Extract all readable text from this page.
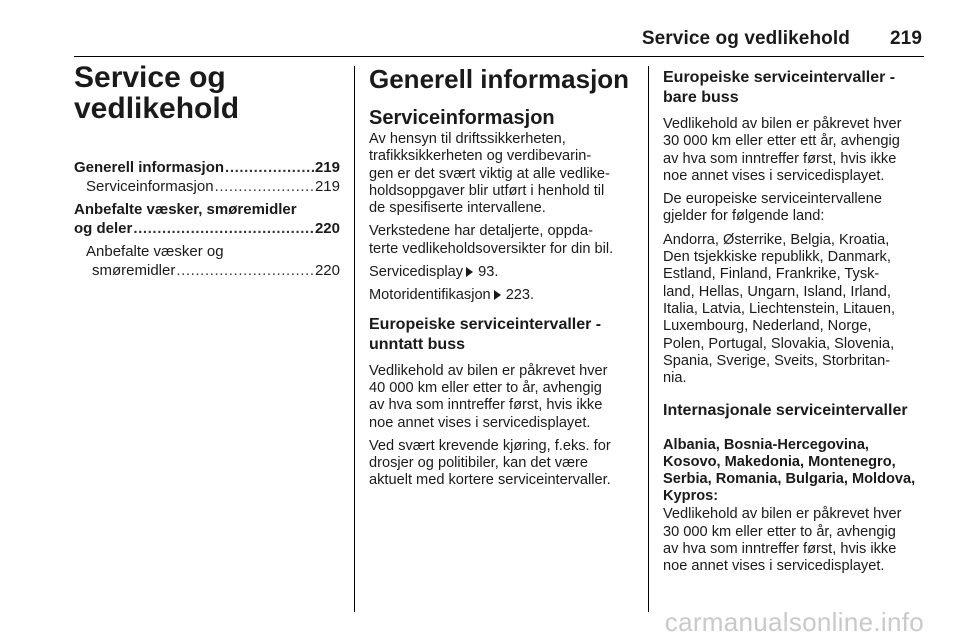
Service og vedlikehold 219
Service og
vedlikehold
Generell informasjon .....	219
Serviceinformasjon .....	219
Anbefalte væsker, smøremidler
og deler .....	220
Anbefalte væsker og
smøremidler .....	220
Generell informasjon
Serviceinformasjon
Av hensyn til driftssikkerheten,
trafikksikkerheten og verdibevarin-
gen er det svært viktig at alle vedlike-
holdsoppgaver blir utført i henhold til
de spesifiserte intervallene.
Verkstedene har detaljerte, oppda-
terte vedlikeholdsoversikter for din bil.
Servicedisplay 93.
Motoridentifikasjon 223.
Europeiske serviceintervaller -
unntatt buss
Vedlikehold av bilen er påkrevet hver
40 000 km eller etter to år, avhengig
av hva som inntreffer først, hvis ikke
noe annet vises i servicedisplayet.
Ved svært krevende kjøring, f.eks. for
drosjer og politibiler, kan det være
aktuelt med kortere serviceintervaller.
Europeiske serviceintervaller -
bare buss
Vedlikehold av bilen er påkrevet hver
30 000 km eller etter ett år, avhengig
av hva som inntreffer først, hvis ikke
noe annet vises i servicedisplayet.
De europeiske serviceintervallene
gjelder for følgende land:
Andorra, Østerrike, Belgia, Kroatia,
Den tsjekkiske republikk, Danmark,
Estland, Finland, Frankrike, Tysk-
land, Hellas, Ungarn, Island, Irland,
Italia, Latvia, Liechtenstein, Litauen,
Luxembourg, Nederland, Norge,
Polen, Portugal, Slovakia, Slovenia,
Spania, Sverige, Sveits, Storbritan-
nia.
Internasjonale serviceintervaller
Albania, Bosnia-Hercegovina,
Kosovo, Makedonia, Montenegro,
Serbia, Romania, Bulgaria, Moldova,
Kypros:
Vedlikehold av bilen er påkrevet hver
30 000 km eller etter to år, avhengig
av hva som inntreffer først, hvis ikke
noe annet vises i servicedisplayet.
carmanualsonline.info
